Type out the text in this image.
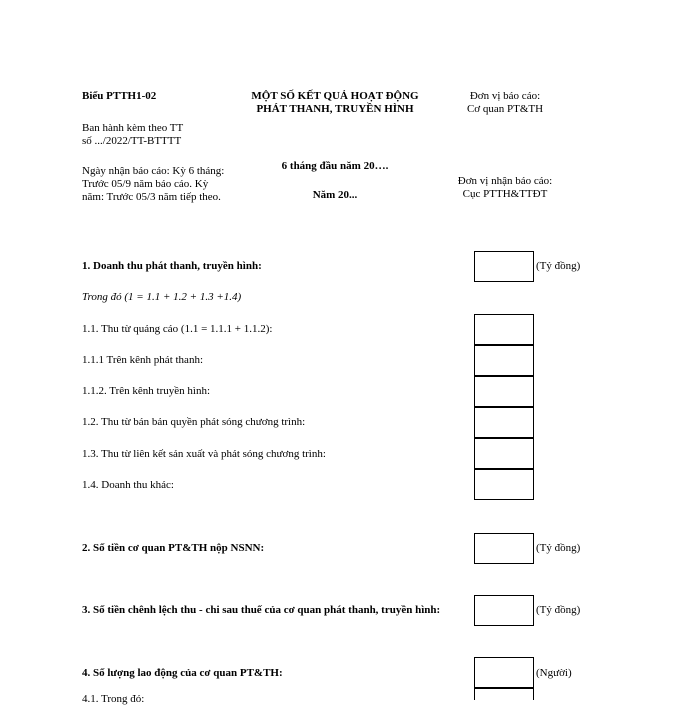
Biểu PTTH1-02
Ban hành kèm theo TT
số .../2022/TT-BTTTT
Ngày nhận báo cáo: Kỳ 6 tháng:
Trước 05/9 năm báo cáo. Kỳ
năm: Trước 05/3 năm tiếp theo.
MỘT SỐ KẾT QUẢ HOẠT ĐỘNG
PHÁT THANH, TRUYỀN HÌNH
6 tháng đầu năm 20….
Năm 20...
Đơn vị báo cáo:
Cơ quan PT&TH
Đơn vị nhận báo cáo:
Cục PTTH&TTĐT
1. Doanh thu phát thanh, truyền hình:	(Tỷ đồng)
Trong đó (1 = 1.1 + 1.2 + 1.3 +1.4)
1.1. Thu từ quảng cáo (1.1 = 1.1.1 + 1.1.2):
1.1.1 Trên kênh phát thanh:
1.1.2. Trên kênh truyền hình:
1.2. Thu từ bán bản quyền phát sóng chương trình:
1.3. Thu từ liên kết sản xuất và phát sóng chương trình:
1.4. Doanh thu khác:
2. Số tiền cơ quan PT&TH nộp NSNN:	(Tỷ đồng)
3. Số tiền chênh lệch thu - chi sau thuế của cơ quan phát thanh, truyền hình:	(Tỷ đồng)
4. Số lượng lao động của cơ quan PT&TH:	(Người)
4.1. Trong đó:
